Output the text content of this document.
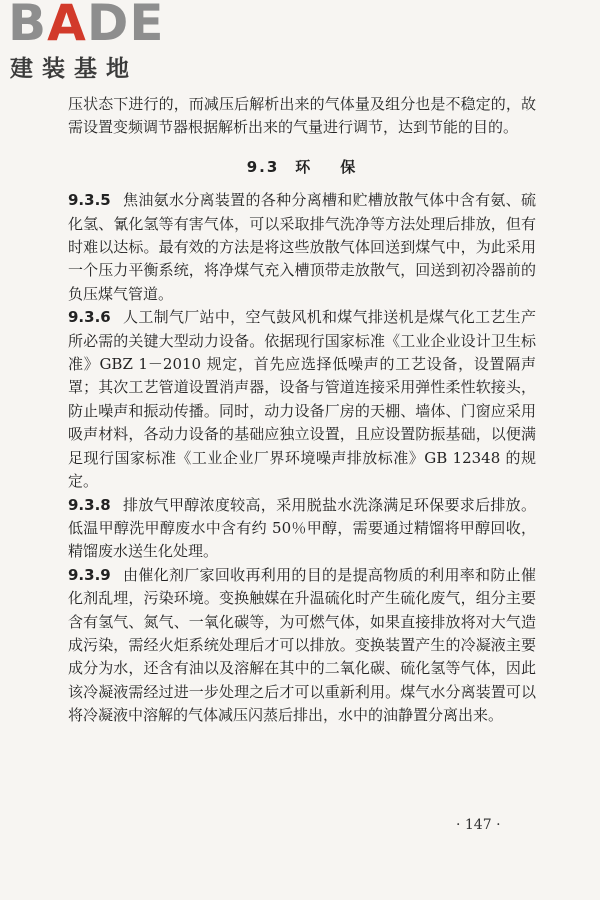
BADE
建装基地

压状态下进行的，而减压后解析出来的气体量及组分也是不稳定的，故需设置变频调节器根据解析出来的气量进行调节，达到节能的目的。

9.3 环 保

9.3.5 焦油氨水分离装置的各种分离槽和贮槽放散气体中含有氨、硫化氢、氰化氢等有害气体，可以采取排气洗净等方法处理后排放，但有时难以达标。最有效的方法是将这些放散气体回送到煤气中，为此采用一个压力平衡系统，将净煤气充入槽顶带走放散气，回送到初冷器前的负压煤气管道。

9.3.6 人工制气厂站中，空气鼓风机和煤气排送机是煤气化工艺生产所必需的关键大型动力设备。依据现行国家标准《工业企业设计卫生标准》GBZ 1－2010 规定，首先应选择低噪声的工艺设备，设置隔声罩；其次工艺管道设置消声器，设备与管道连接采用弹性柔性软接头，防止噪声和振动传播。同时，动力设备厂房的天棚、墙体、门窗应采用吸声材料，各动力设备的基础应独立设置，且应设置防振基础，以便满足现行国家标准《工业企业厂界环境噪声排放标准》GB 12348 的规定。

9.3.8 排放气甲醇浓度较高，采用脱盐水洗涤满足环保要求后排放。低温甲醇洗甲醇废水中含有约 50％甲醇，需要通过精馏将甲醇回收，精馏废水送生化处理。

9.3.9 由催化剂厂家回收再利用的目的是提高物质的利用率和防止催化剂乱埋，污染环境。变换触媒在升温硫化时产生硫化废气，组分主要含有氢气、氮气、一氧化碳等，为可燃气体，如果直接排放将对大气造成污染，需经火炬系统处理后才可以排放。变换装置产生的冷凝液主要成分为水，还含有油以及溶解在其中的二氧化碳、硫化氢等气体，因此该冷凝液需经过进一步处理之后才可以重新利用。煤气水分离装置可以将冷凝液中溶解的气体减压闪蒸后排出，水中的油静置分离出来。

· 147 ·
